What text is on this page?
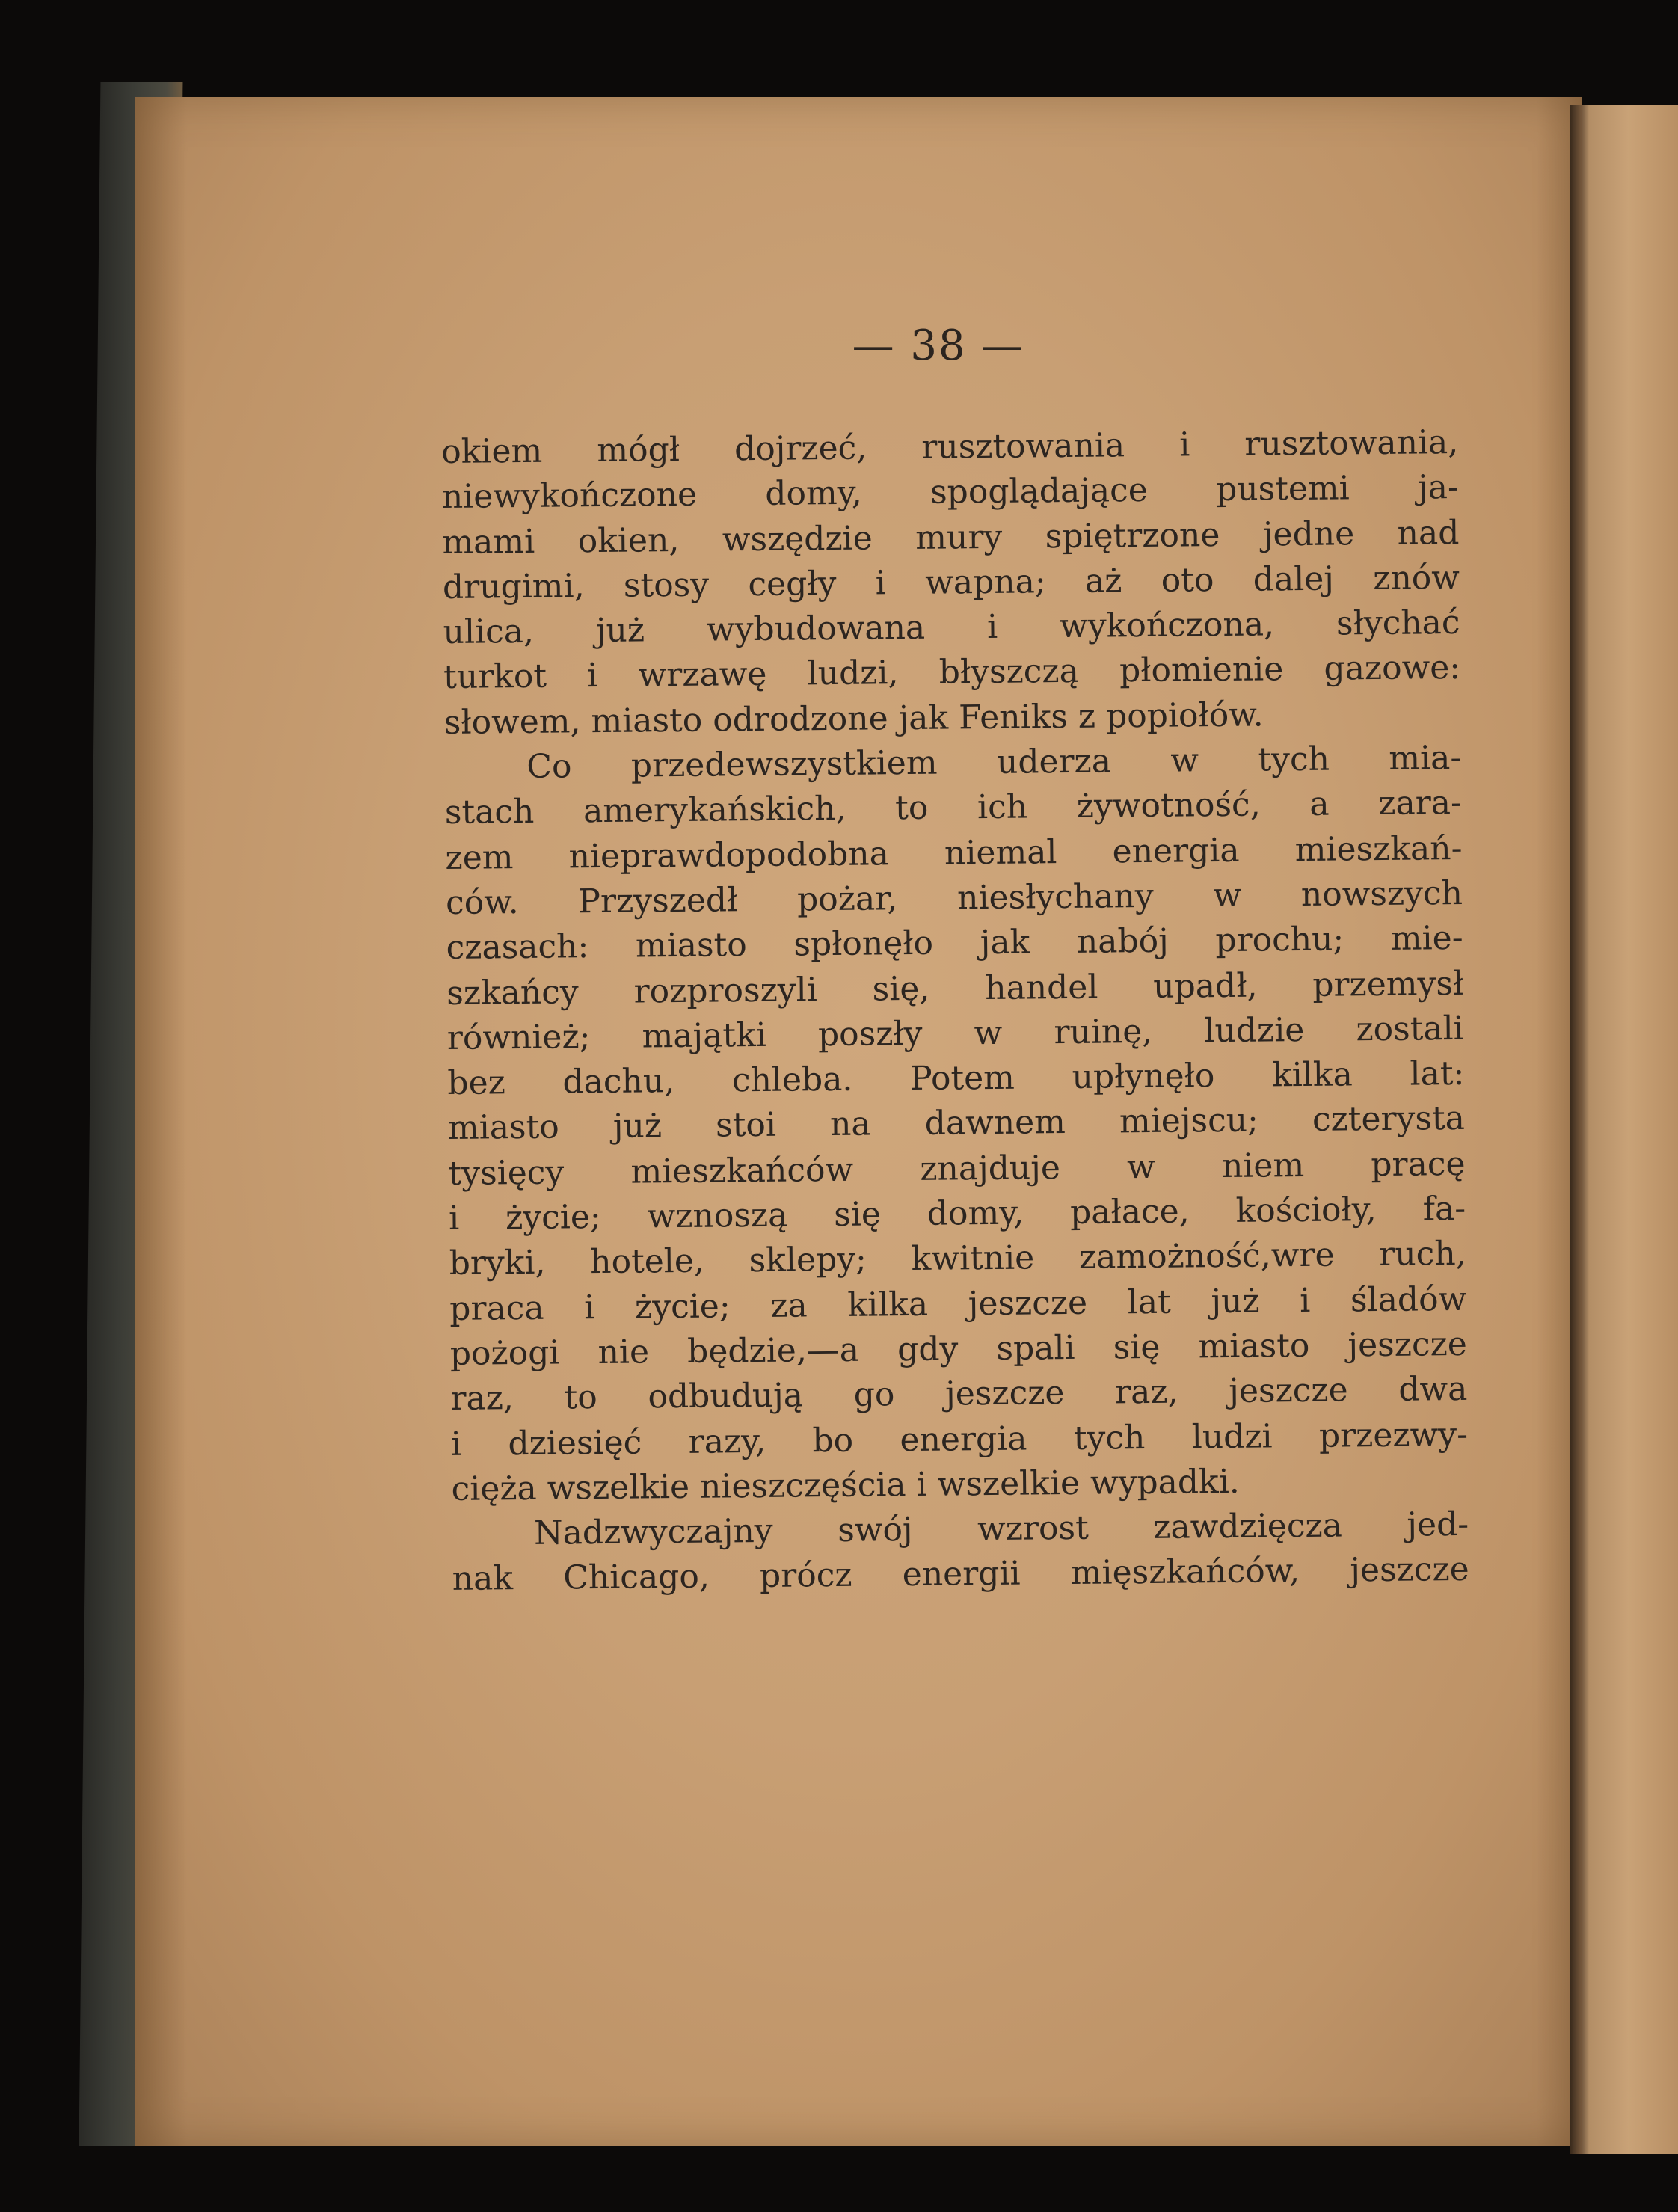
— 38 —
okiem mógł dojrzeć, rusztowania i rusztowania,
niewykończone domy, spoglądające pustemi ja-
mami okien, wszędzie mury spiętrzone jedne nad
drugimi, stosy cegły i wapna; aż oto dalej znów
ulica, już wybudowana i wykończona, słychać
turkot i wrzawę ludzi, błyszczą płomienie gazowe:
słowem, miasto odrodzone jak Feniks z popiołów.
Co przedewszystkiem uderza w tych mia-
stach amerykańskich, to ich żywotność, a zara-
zem nieprawdopodobna niemal energia mieszkań-
ców. Przyszedł pożar, niesłychany w nowszych
czasach: miasto spłonęło jak nabój prochu; mie-
szkańcy rozproszyli się, handel upadł, przemysł
również; majątki poszły w ruinę, ludzie zostali
bez dachu, chleba. Potem upłynęło kilka lat:
miasto już stoi na dawnem miejscu; czterysta
tysięcy mieszkańców znajduje w niem pracę
i życie; wznoszą się domy, pałace, kościoły, fa-
bryki, hotele, sklepy; kwitnie zamożność,wre ruch,
praca i życie; za kilka jeszcze lat już i śladów
pożogi nie będzie,—a gdy spali się miasto jeszcze
raz, to odbudują go jeszcze raz, jeszcze dwa
i dziesięć razy, bo energia tych ludzi przezwy-
cięża wszelkie nieszczęścia i wszelkie wypadki.
Nadzwyczajny swój wzrost zawdzięcza jed-
nak Chicago, prócz energii mięszkańców, jeszcze
